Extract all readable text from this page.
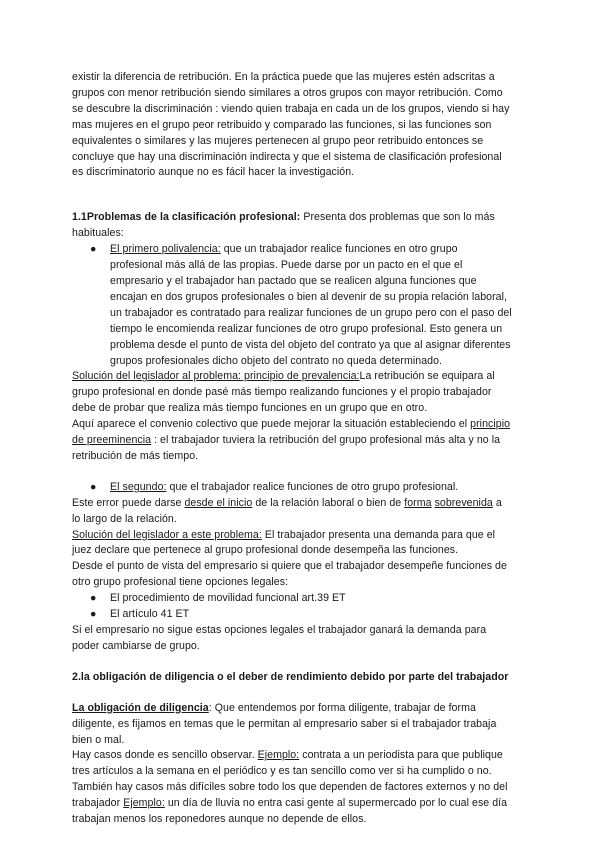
existir la diferencia de retribución. En la práctica puede que las mujeres estén adscritas a

grupos con menor retribución siendo similares a otros grupos con mayor retribución. Como

se descubre la discriminación : viendo quien trabaja en cada un de los grupos, viendo si hay

mas mujeres en el grupo peor retribuido y comparado las funciones, si las funciones son

equivalentes o similares y las mujeres pertenecen al grupo peor retribuido entonces se

concluye que hay una discriminación indirecta y que el sistema de clasificación profesional

es discriminatorio aunque no es fácil hacer la investigación.

1.1Problemas de la clasificación profesional: Presenta dos problemas que son lo más

habituales:

●	El primero polivalencia: que un trabajador realice funciones en otro grupo

profesional más allá de las propias. Puede darse por un pacto en el que el

empresario y el trabajador han pactado que se realicen alguna funciones que

encajan en dos grupos profesionales o bien al devenir de su propia relación laboral,

un trabajador es contratado para realizar funciones de un grupo pero con el paso del

tiempo le encomienda realizar funciones de otro grupo profesional. Esto genera un

problema desde el punto de vista del objeto del contrato ya que al asignar diferentes

grupos profesionales dicho objeto del contrato no queda determinado.

Solución del legislador al problema: principio de prevalencia:La retribución se equipara al

grupo profesional en donde pasé más tiempo realizando funciones y el propio trabajador

debe de probar que realiza más tiempo funciones en un grupo que en otro.

Aquí aparece el convenio colectivo que puede mejorar la situación estableciendo el principio

de preeminencia : el trabajador tuviera la retribución del grupo profesional más alta y no la

retribución de más tiempo.

●	El segundo: que el trabajador realice funciones de otro grupo profesional.

Este error puede darse desde el inicio de la relación laboral o bien de forma sobrevenida a

lo largo de la relación.

Solución del legislador a este problema: El trabajador presenta una demanda para que el

juez declare que pertenece al grupo profesional donde desempeña las funciones.

Desde el punto de vista del empresario si quiere que el trabajador desempeñe funciones de

otro grupo profesional tiene opciones legales:

●	El procedimiento de movilidad funcional art.39 ET

●	El artículo 41 ET

Si el empresario no sigue estas opciones legales el trabajador ganará la demanda para

poder cambiarse de grupo.

2.la obligación de diligencia o el deber de rendimiento debido por parte del trabajador

La obligación de diligencia: Que entendemos por forma diligente, trabajar de forma

diligente, es fijamos en temas que le permitan al empresario saber si el trabajador trabaja

bien o mal.

Hay casos donde es sencillo observar. Ejemplo: contrata a un periodista para que publique

tres artículos a la semana en el periódico y es tan sencillo como ver si ha cumplido o no.

También hay casos más difíciles sobre todo los que dependen de factores externos y no del

trabajador Ejemplo: un día de lluvia no entra casi gente al supermercado por lo cual ese día

trabajan menos los reponedores aunque no depende de ellos.
